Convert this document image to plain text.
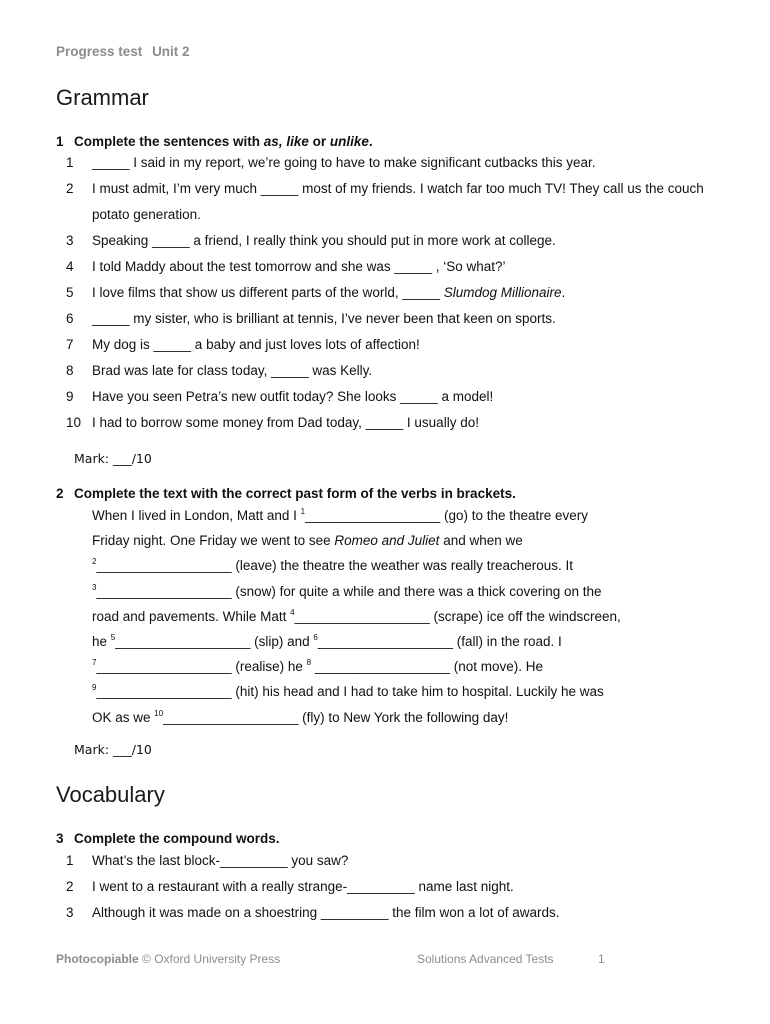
Progress test Unit 2
Grammar
1 Complete the sentences with as, like or unlike.
1	_____ I said in my report, we’re going to have to make significant cutbacks this year.
2	I must admit, I’m very much _____ most of my friends. I watch far too much TV! They call us the couch potato generation.
3	Speaking _____ a friend, I really think you should put in more work at college.
4	I told Maddy about the test tomorrow and she was _____ , ‘So what?’
5	I love films that show us different parts of the world, _____ Slumdog Millionaire.
6	_____ my sister, who is brilliant at tennis, I’ve never been that keen on sports.
7	My dog is _____ a baby and just loves lots of affection!
8	Brad was late for class today, _____ was Kelly.
9	Have you seen Petra’s new outfit today? She looks _____ a model!
10 I had to borrow some money from Dad today, _____ I usually do!
Mark: ___/10
2 Complete the text with the correct past form of the verbs in brackets.
When I lived in London, Matt and I $^1$__________________ (go) to the theatre every
Friday night. One Friday we went to see Romeo and Juliet and when we
$^2$__________________ (leave) the theatre the weather was really treacherous. It
$^3$__________________ (snow) for quite a while and there was a thick covering on the
road and pavements. While Matt $^4$__________________ (scrape) ice off the windscreen,
he $^5$__________________ (slip) and $^6$__________________ (fall) in the road. I
$^7$__________________ (realise) he $^8$ __________________ (not move). He
$^9$__________________ (hit) his head and I had to take him to hospital. Luckily he was
OK as we $^{10}$__________________ (fly) to New York the following day!
Mark: ___/10
Vocabulary
3 Complete the compound words.
1	What’s the last block-_________ you saw?
2	I went to a restaurant with a really strange-_________ name last night.
3	Although it was made on a shoestring _________ the film won a lot of awards.
Photocopiable © Oxford University Press	Solutions Advanced Tests	1
